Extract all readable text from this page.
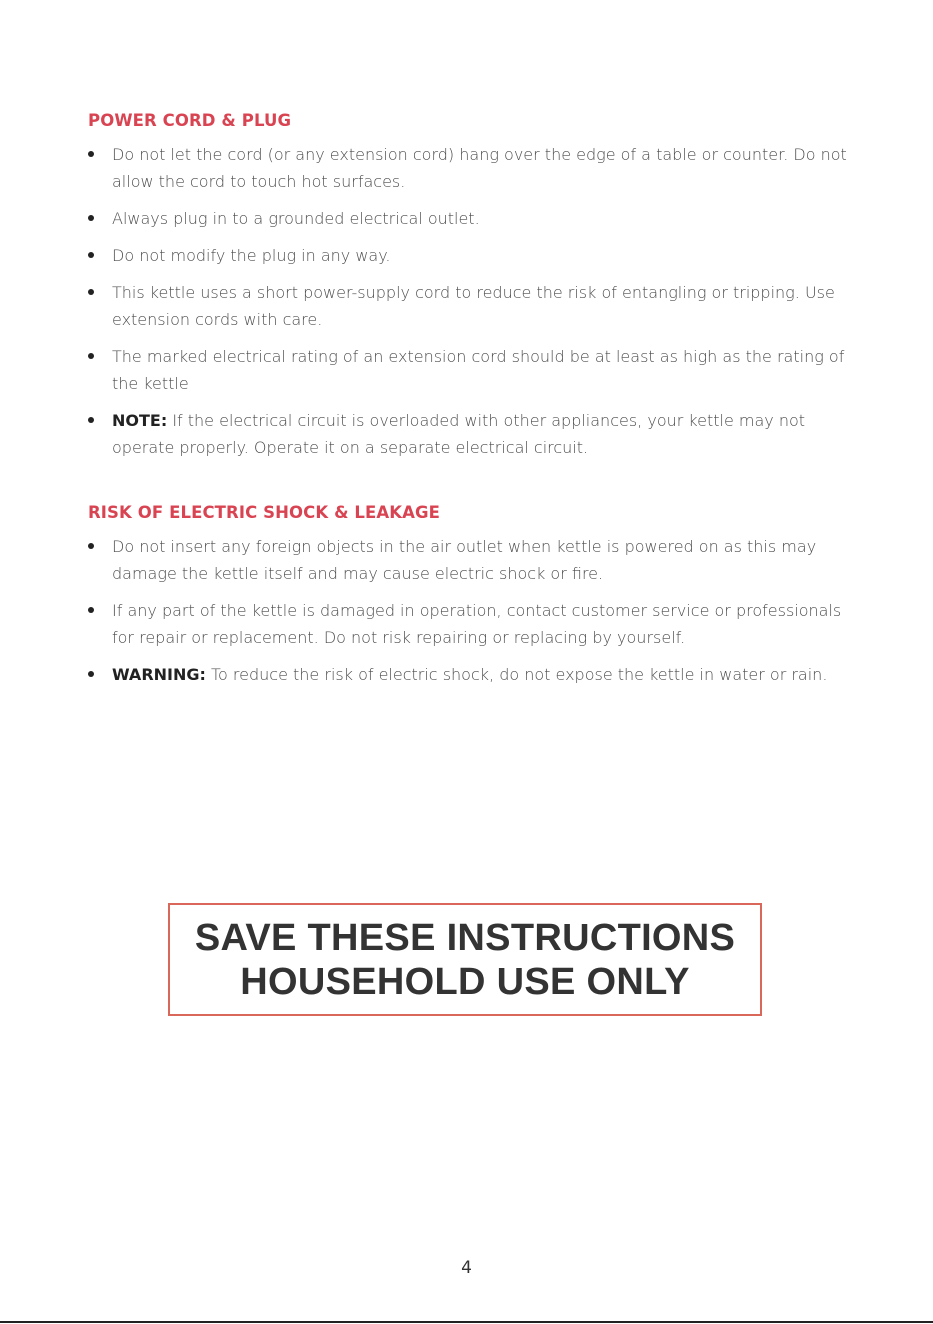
POWER CORD & PLUG
Do not let the cord (or any extension cord) hang over the edge of a table or counter. Do not allow the cord to touch hot surfaces.
Always plug in to a grounded electrical outlet.
Do not modify the plug in any way.
This kettle uses a short power-supply cord to reduce the risk of entangling or tripping. Use extension cords with care.
The marked electrical rating of an extension cord should be at least as high as the rating of the kettle
NOTE: If the electrical circuit is overloaded with other appliances, your kettle may not operate properly. Operate it on a separate electrical circuit.
RISK OF ELECTRIC SHOCK & LEAKAGE
Do not insert any foreign objects in the air outlet when kettle is powered on as this may damage the kettle itself and may cause electric shock or fire.
If any part of the kettle is damaged in operation, contact customer service or professionals for repair or replacement. Do not risk repairing or replacing by yourself.
WARNING: To reduce the risk of electric shock, do not expose the kettle in water or rain.
SAVE THESE INSTRUCTIONS
HOUSEHOLD USE ONLY
4
